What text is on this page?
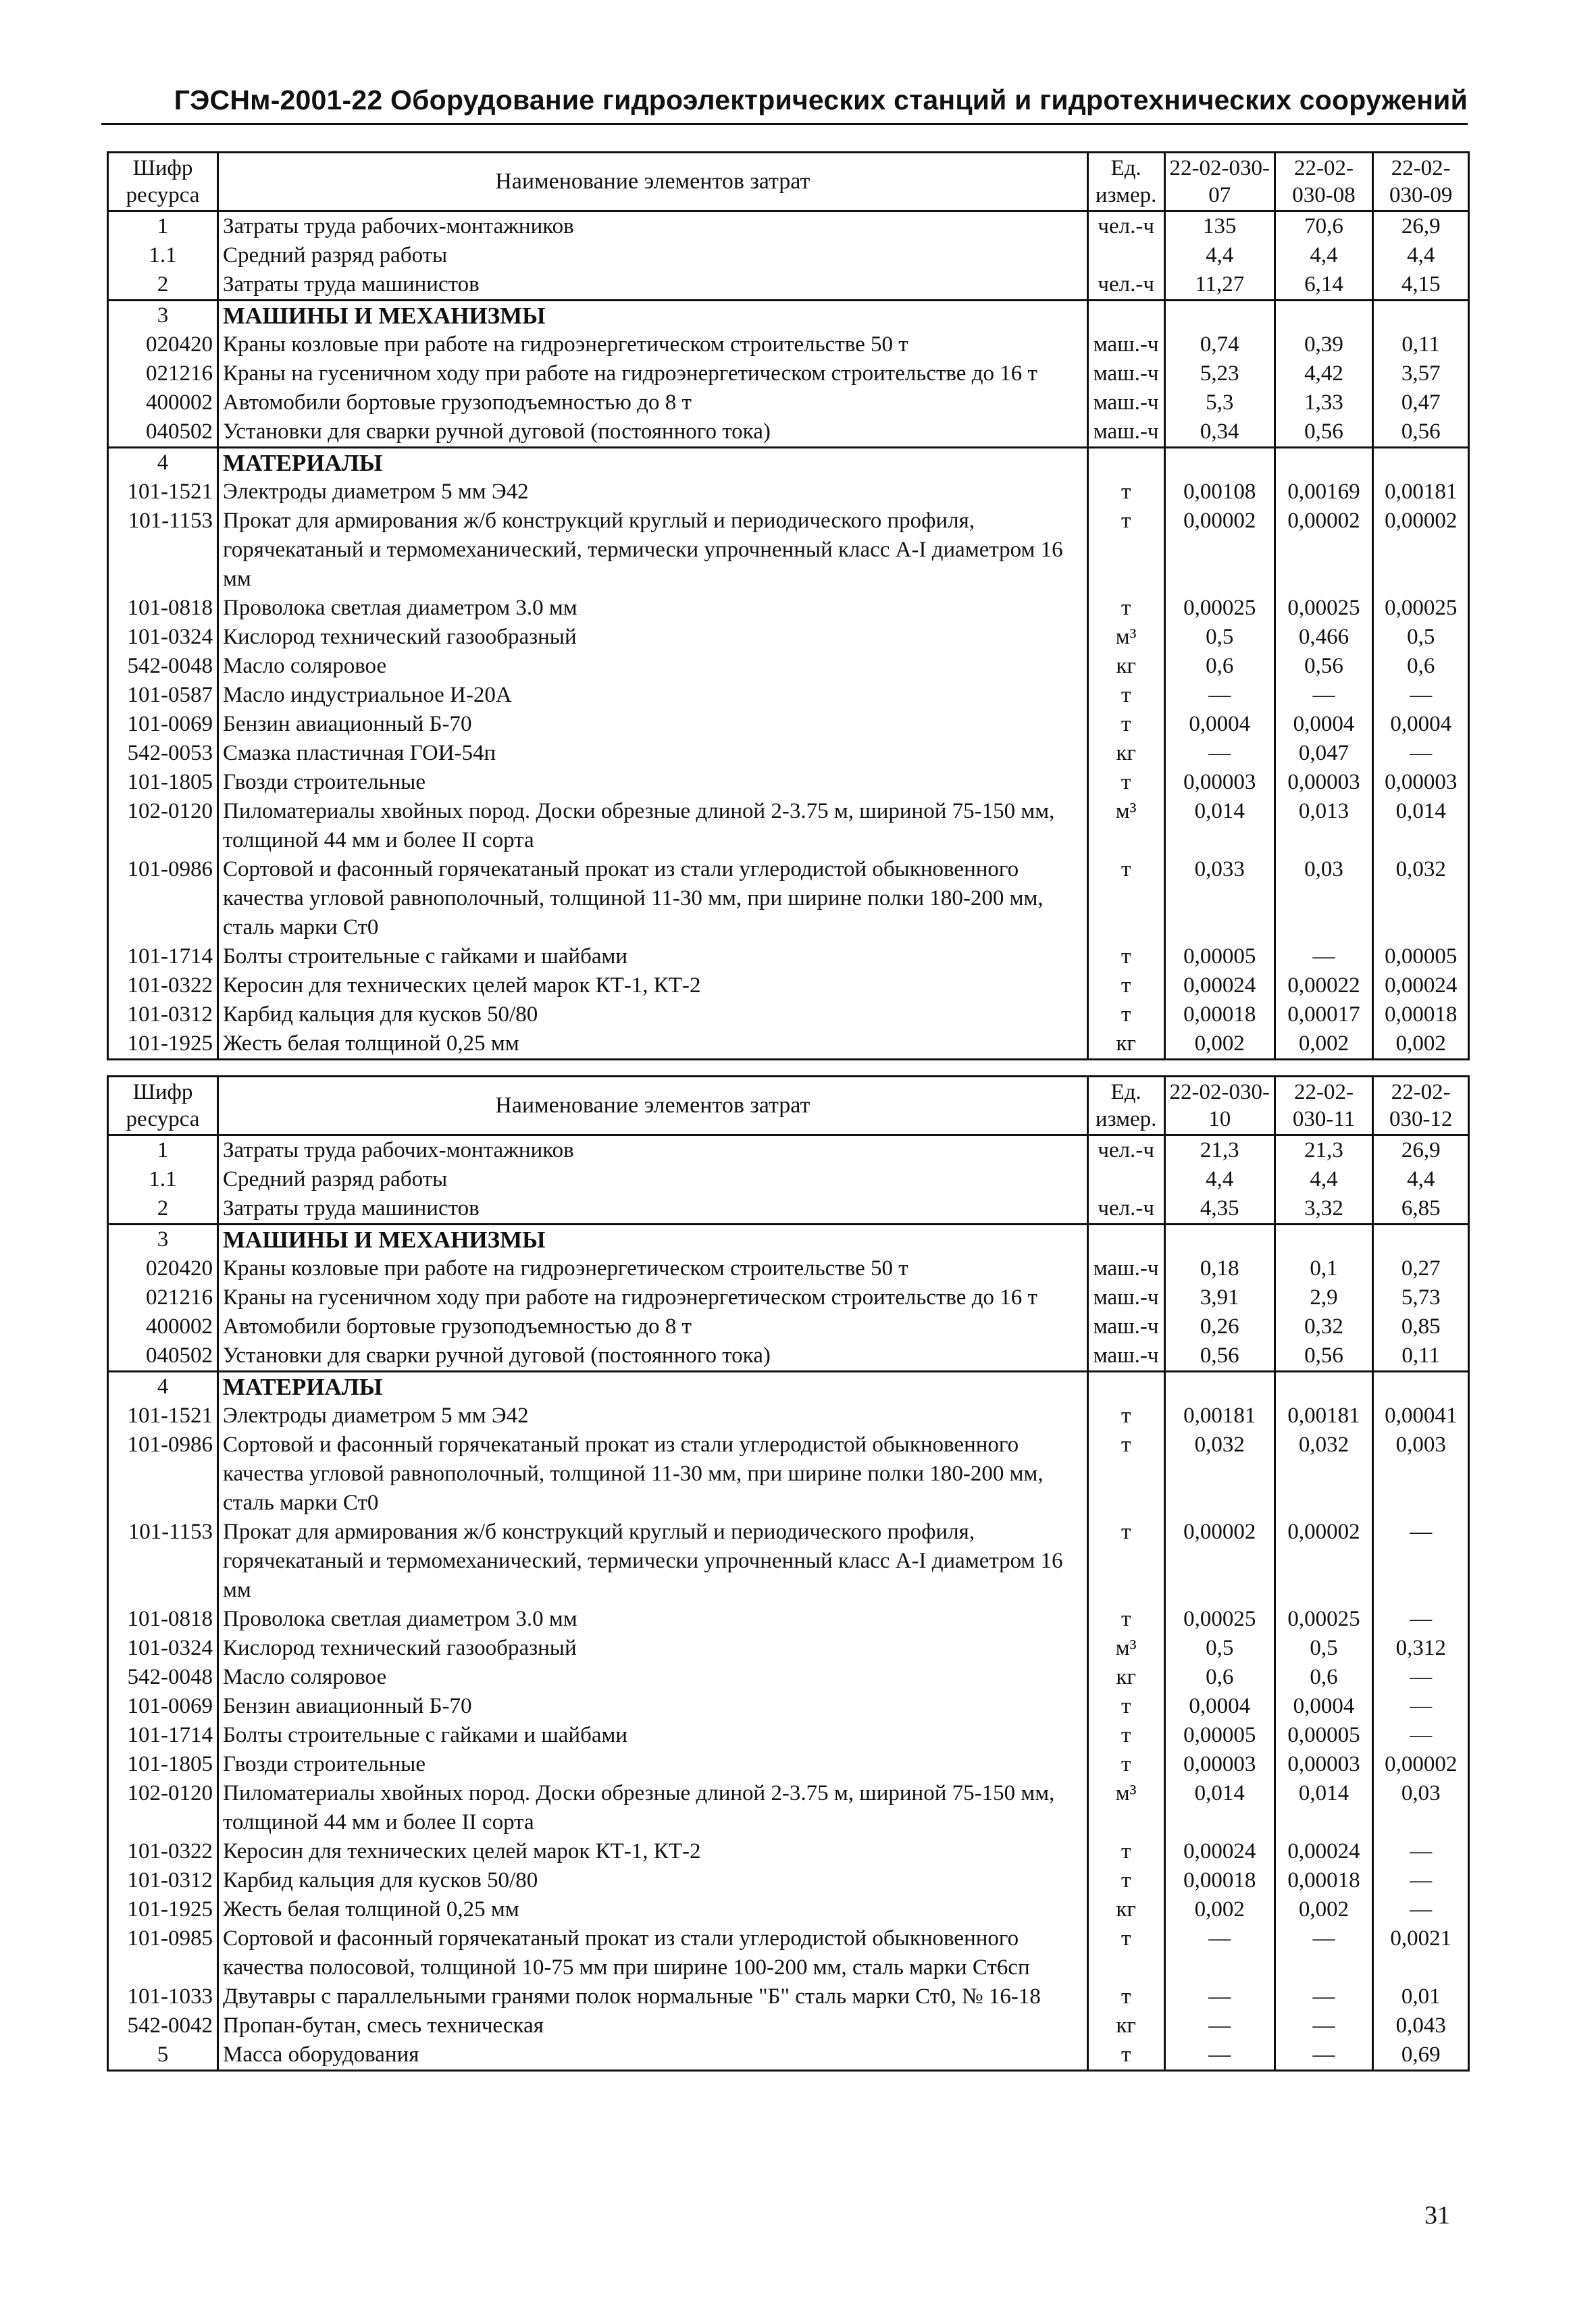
ГЭСНм-2001-22 Оборудование гидроэлектрических станций и гидротехнических сооружений
Шифр ресурса	Наименование элементов затрат	Ед. измер.	22-02-030-07	22-02-030-08	22-02-030-09
1	Затраты труда рабочих-монтажников	чел.-ч	135	70,6	26,9
1.1	Средний разряд работы		4,4	4,4	4,4
2	Затраты труда машинистов	чел.-ч	11,27	6,14	4,15
3	МАШИНЫ И МЕХАНИЗМЫ				
020420	Краны козловые при работе на гидроэнергетическом строительстве 50 т	маш.-ч	0,74	0,39	0,11
021216	Краны на гусеничном ходу при работе на гидроэнергетическом строительстве до 16 т	маш.-ч	5,23	4,42	3,57
400002	Автомобили бортовые грузоподъемностью до 8 т	маш.-ч	5,3	1,33	0,47
040502	Установки для сварки ручной дуговой (постоянного тока)	маш.-ч	0,34	0,56	0,56
4	МАТЕРИАЛЫ				
101-1521	Электроды диаметром 5 мм Э42	т	0,00108	0,00169	0,00181
101-1153	Прокат для армирования ж/б конструкций круглый и периодического профиля, горячекатаный и термомеханический, термически упрочненный класс А-I диаметром 16 мм	т	0,00002	0,00002	0,00002
101-0818	Проволока светлая диаметром 3.0 мм	т	0,00025	0,00025	0,00025
101-0324	Кислород технический газообразный	м³	0,5	0,466	0,5
542-0048	Масло соляровое	кг	0,6	0,56	0,6
101-0587	Масло индустриальное И-20А	т	—	—	—
101-0069	Бензин авиационный Б-70	т	0,0004	0,0004	0,0004
542-0053	Смазка пластичная ГОИ-54п	кг	—	0,047	—
101-1805	Гвозди строительные	т	0,00003	0,00003	0,00003
102-0120	Пиломатериалы хвойных пород. Доски обрезные длиной 2-3.75 м, шириной 75-150 мм, толщиной 44 мм и более II сорта	м³	0,014	0,013	0,014
101-0986	Сортовой и фасонный горячекатаный прокат из стали углеродистой обыкновенного качества угловой равнополочный, толщиной 11-30 мм, при ширине полки 180-200 мм, сталь марки Ст0	т	0,033	0,03	0,032
101-1714	Болты строительные с гайками и шайбами	т	0,00005	—	0,00005
101-0322	Керосин для технических целей марок КТ-1, КТ-2	т	0,00024	0,00022	0,00024
101-0312	Карбид кальция для кусков 50/80	т	0,00018	0,00017	0,00018
101-1925	Жесть белая толщиной 0,25 мм	кг	0,002	0,002	0,002
Шифр ресурса	Наименование элементов затрат	Ед. измер.	22-02-030-10	22-02-030-11	22-02-030-12
1	Затраты труда рабочих-монтажников	чел.-ч	21,3	21,3	26,9
1.1	Средний разряд работы		4,4	4,4	4,4
2	Затраты труда машинистов	чел.-ч	4,35	3,32	6,85
3	МАШИНЫ И МЕХАНИЗМЫ				
020420	Краны козловые при работе на гидроэнергетическом строительстве 50 т	маш.-ч	0,18	0,1	0,27
021216	Краны на гусеничном ходу при работе на гидроэнергетическом строительстве до 16 т	маш.-ч	3,91	2,9	5,73
400002	Автомобили бортовые грузоподъемностью до 8 т	маш.-ч	0,26	0,32	0,85
040502	Установки для сварки ручной дуговой (постоянного тока)	маш.-ч	0,56	0,56	0,11
4	МАТЕРИАЛЫ				
101-1521	Электроды диаметром 5 мм Э42	т	0,00181	0,00181	0,00041
101-0986	Сортовой и фасонный горячекатаный прокат из стали углеродистой обыкновенного качества угловой равнополочный, толщиной 11-30 мм, при ширине полки 180-200 мм, сталь марки Ст0	т	0,032	0,032	0,003
101-1153	Прокат для армирования ж/б конструкций круглый и периодического профиля, горячекатаный и термомеханический, термически упрочненный класс А-I диаметром 16 мм	т	0,00002	0,00002	—
101-0818	Проволока светлая диаметром 3.0 мм	т	0,00025	0,00025	—
101-0324	Кислород технический газообразный	м³	0,5	0,5	0,312
542-0048	Масло соляровое	кг	0,6	0,6	—
101-0069	Бензин авиационный Б-70	т	0,0004	0,0004	—
101-1714	Болты строительные с гайками и шайбами	т	0,00005	0,00005	—
101-1805	Гвозди строительные	т	0,00003	0,00003	0,00002
102-0120	Пиломатериалы хвойных пород. Доски обрезные длиной 2-3.75 м, шириной 75-150 мм, толщиной 44 мм и более II сорта	м³	0,014	0,014	0,03
101-0322	Керосин для технических целей марок КТ-1, КТ-2	т	0,00024	0,00024	—
101-0312	Карбид кальция для кусков 50/80	т	0,00018	0,00018	—
101-1925	Жесть белая толщиной 0,25 мм	кг	0,002	0,002	—
101-0985	Сортовой и фасонный горячекатаный прокат из стали углеродистой обыкновенного качества полосовой, толщиной 10-75 мм при ширине 100-200 мм, сталь марки Ст6сп	т	—	—	0,0021
101-1033	Двутавры с параллельными гранями полок нормальные "Б" сталь марки Ст0, № 16-18	т	—	—	0,01
542-0042	Пропан-бутан, смесь техническая	кг	—	—	0,043
5	Масса оборудования	т	—	—	0,69
31
